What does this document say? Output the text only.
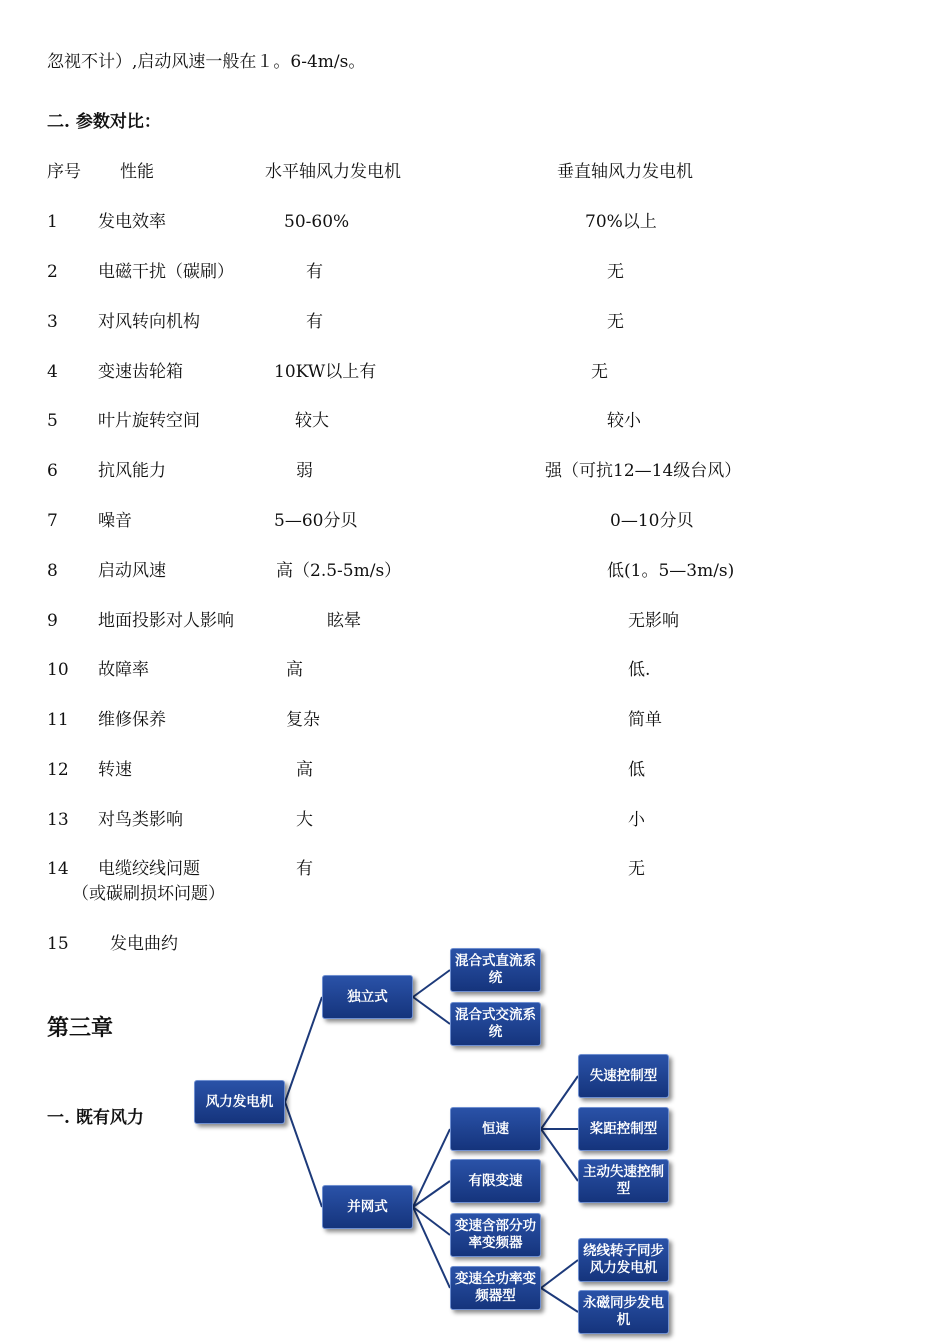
忽视不计）,启动风速一般在１。6-4m/s。
二. 参数对比：
序号 性能	水平轴风力发电机	垂直轴风力发电机
1 发电效率	50-60%	70%以上
2 电磁干扰（碳刷）	有	无
3 对风转向机构	有	无
4 变速齿轮箱	10KW以上有	无
5 叶片旋转空间	较大	较小
6 抗风能力	弱	强（可抗12—14级台风）
7 噪音	5—60分贝	0—10分贝
8 启动风速	高（2.5-5m/s）	低(1。5—3m/s)
9 地面投影对人影响	眩晕	无影响
10 故障率	高	低.
11 维修保养	复杂	简单
12 转速	高	低
13 对鸟类影响	大	小
14 电缆绞线问题	有	无
（或碳刷损坏问题）
15 发电曲约
第三章
一. 既有风力
风力发电机
独立式
混合式直流系统
混合式交流系统
并网式
恒速
有限变速
变速含部分功率变频器
变速全功率变频器型
失速控制型
桨距控制型
主动失速控制型
绕线转子同步风力发电机
永磁同步发电机
